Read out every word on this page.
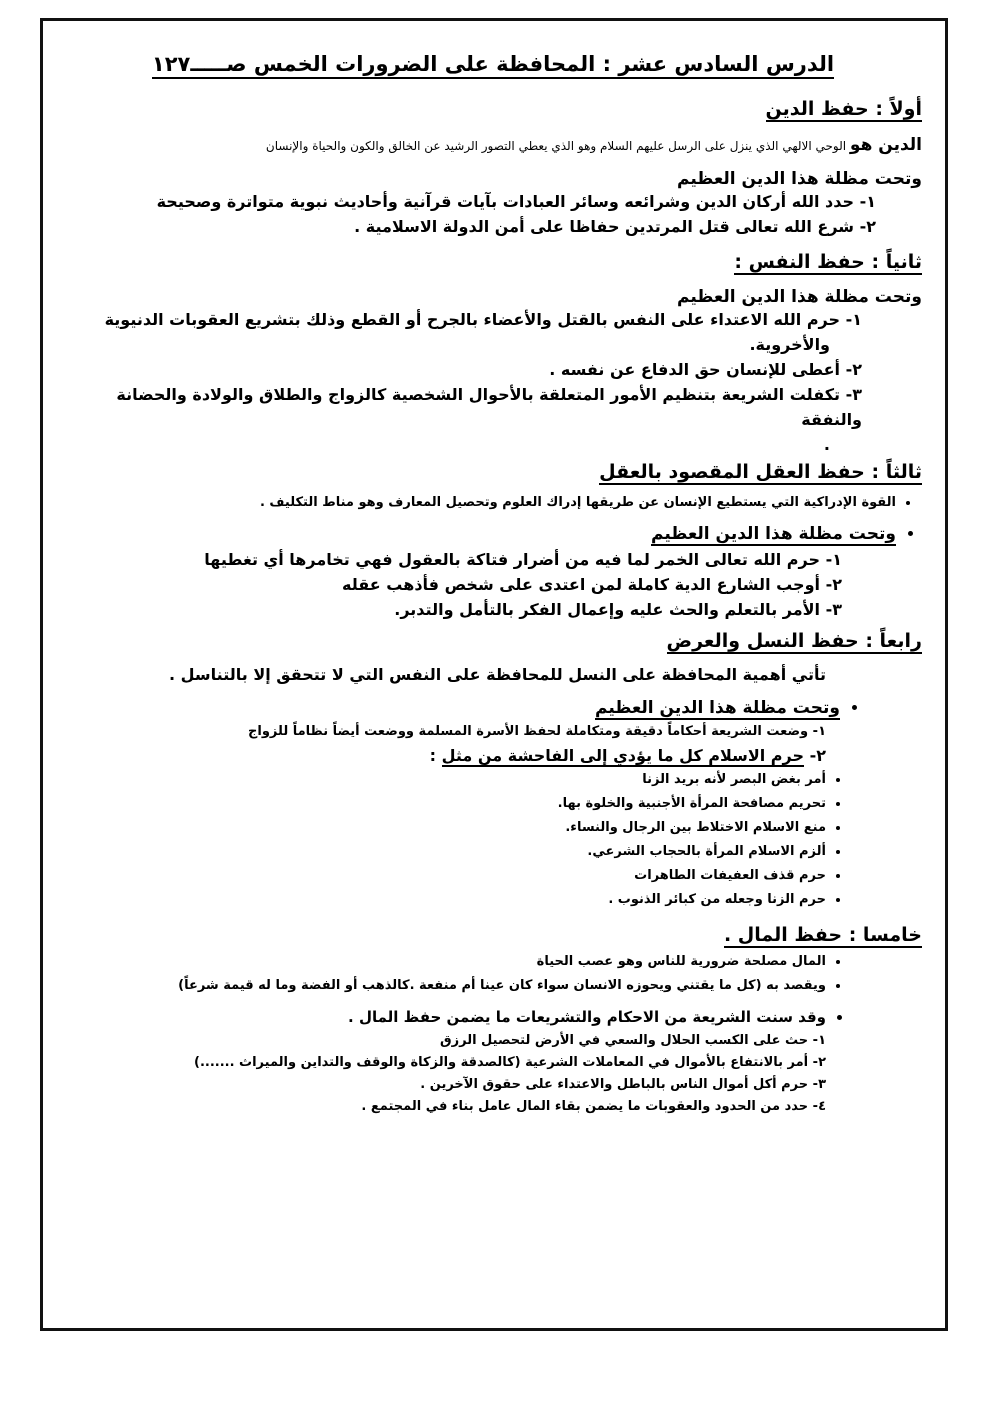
الدرس السادس عشر : المحافظة على الضرورات الخمس صـــــ١٢٧
أولاً : حفظ الدين
الدين هو الوحي الالهي الذي ينزل على الرسل عليهم السلام وهو الذي يعطي التصور الرشيد عن الخالق والكون والحياة والإنسان
وتحت مظلة هذا الدين العظيم
١- حدد الله أركان الدين وشرائعه وسائر العبادات بآيات قرآنية وأحاديث نبوية متواترة وصحيحة
٢- شرع الله تعالى قتل المرتدين حفاظا على أمن الدولة الاسلامية .
ثانياً : حفظ النفس :
وتحت مظلة هذا الدين العظيم
١- حرم الله الاعتداء على النفس بالقتل والأعضاء بالجرح أو القطع وذلك بتشريع العقوبات الدنيوية
والأخروية.
٢- أعطى للإنسان حق الدفاع عن نفسه .
٣- تكفلت الشريعة بتنظيم الأمور المتعلقة بالأحوال الشخصية كالزواج والطلاق والولادة والحضانة والنفقة
.
ثالثاً : حفظ العقل المقصود بالعقل
• القوة الإدراكية التي يستطيع الإنسان عن طريقها إدراك العلوم وتحصيل المعارف وهو مناط التكليف .
• وتحت مظلة هذا الدين العظيم
١- حرم الله تعالى الخمر لما فيه من أضرار فتاكة بالعقول فهي تخامرها أي تغطيها
٢- أوجب الشارع الدية كاملة لمن اعتدى على شخص فأذهب عقله
٣- الأمر بالتعلم والحث عليه وإعمال الفكر بالتأمل والتدبر.
رابعاً : حفظ النسل والعرض
تأتي أهمية المحافظة على النسل للمحافظة على النفس التي لا تتحقق إلا بالتناسل .
• وتحت مظلة هذا الدين العظيم
١- وضعت الشريعة أحكاماً دقيقة ومتكاملة لحفظ الأسرة المسلمة ووضعت أيضاً نظاماً للزواج
٢- حرم الاسلام كل ما يؤدي إلى الفاحشة من مثل :
• أمر بغض البصر لأنه بريد الزنا
• تحريم مصافحة المرأة الأجنبية والخلوة بها.
• منع الاسلام الاختلاط بين الرجال والنساء.
• ألزم الاسلام المرأة بالحجاب الشرعي.
• حرم قذف العفيفات الطاهرات
• حرم الزنا وجعله من كبائر الذنوب .
خامسا : حفظ المال .
• المال مصلحة ضرورية للناس وهو عصب الحياة
• ويقصد به (كل ما يقتني ويحوزه الانسان سواء كان عينا أم منفعة .كالذهب أو الفضة وما له قيمة شرعاً)
• وقد سنت الشريعة من الاحكام والتشريعات ما يضمن حفظ المال .
١- حث على الكسب الحلال والسعي في الأرض لتحصيل الرزق
٢- أمر بالانتفاع بالأموال في المعاملات الشرعية (كالصدقة والزكاة والوقف والتداين والميراث .......)
٣- حرم أكل أموال الناس بالباطل والاعتداء على حقوق الآخرين .
٤- حدد من الحدود والعقوبات ما يضمن بقاء المال عامل بناء في المجتمع .
